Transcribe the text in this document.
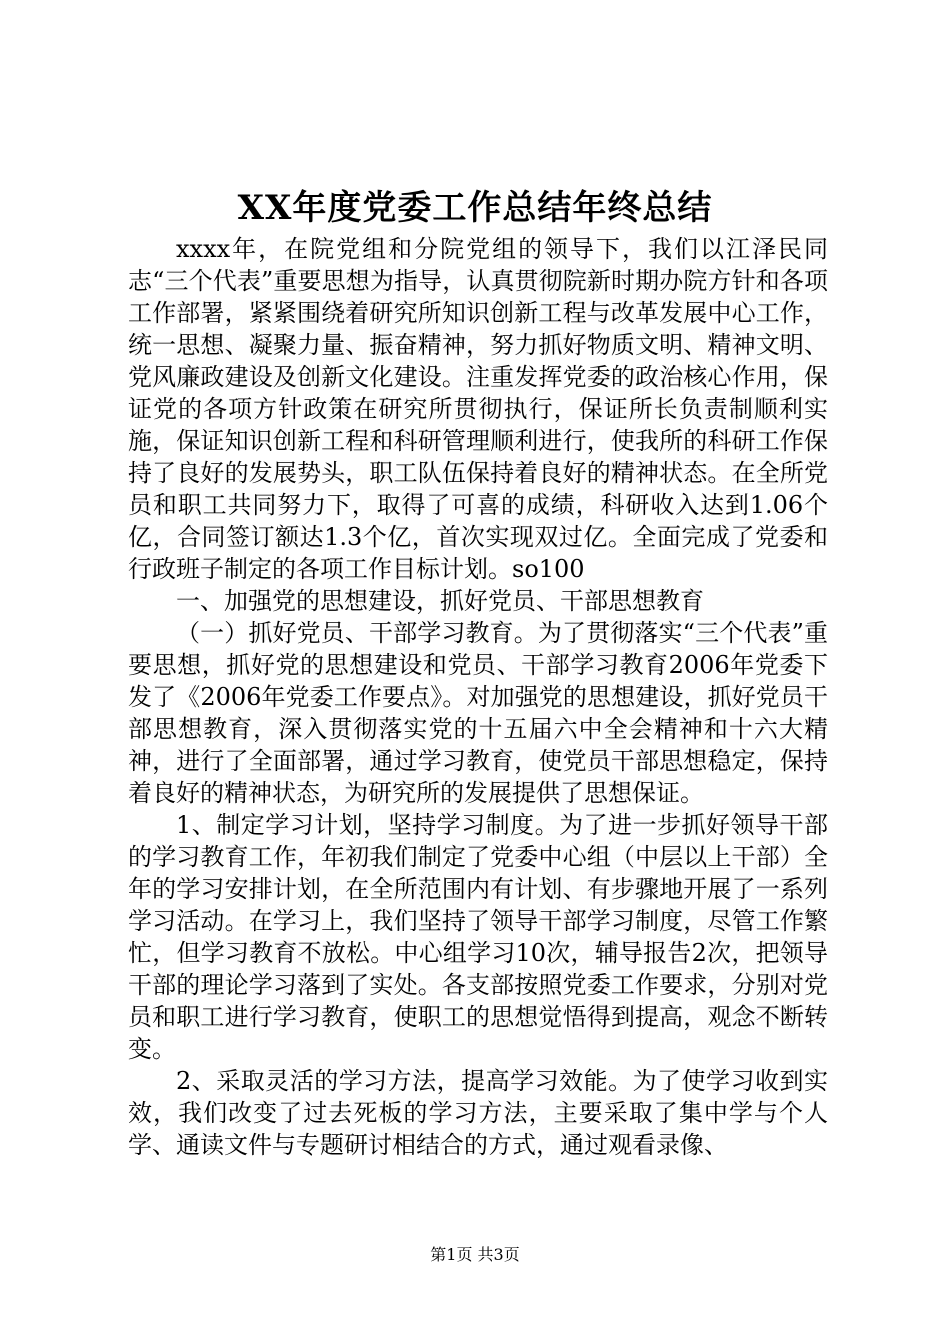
XX年度党委工作总结年终总结

xxxx年，在院党组和分院党组的领导下，我们以江泽民同志“三个代表”重要思想为指导，认真贯彻院新时期办院方针和各项工作部署，紧紧围绕着研究所知识创新工程与改革发展中心工作，统一思想、凝聚力量、振奋精神，努力抓好物质文明、精神文明、党风廉政建设及创新文化建设。注重发挥党委的政治核心作用，保证党的各项方针政策在研究所贯彻执行，保证所长负责制顺利实施，保证知识创新工程和科研管理顺利进行，使我所的科研工作保持了良好的发展势头，职工队伍保持着良好的精神状态。在全所党员和职工共同努力下，取得了可喜的成绩，科研收入达到1.06个亿，合同签订额达1.3个亿，首次实现双过亿。全面完成了党委和行政班子制定的各项工作目标计划。so100

一、加强党的思想建设，抓好党员、干部思想教育

（一）抓好党员、干部学习教育。为了贯彻落实“三个代表”重要思想，抓好党的思想建设和党员、干部学习教育2006年党委下发了《2006年党委工作要点》。对加强党的思想建设，抓好党员干部思想教育，深入贯彻落实党的十五届六中全会精神和十六大精神，进行了全面部署，通过学习教育，使党员干部思想稳定，保持着良好的精神状态，为研究所的发展提供了思想保证。

1、制定学习计划，坚持学习制度。为了进一步抓好领导干部的学习教育工作，年初我们制定了党委中心组（中层以上干部）全年的学习安排计划，在全所范围内有计划、有步骤地开展了一系列学习活动。在学习上，我们坚持了领导干部学习制度，尽管工作繁忙，但学习教育不放松。中心组学习10次，辅导报告2次，把领导干部的理论学习落到了实处。各支部按照党委工作要求，分别对党员和职工进行学习教育，使职工的思想觉悟得到提高，观念不断转变。

2、采取灵活的学习方法，提高学习效能。为了使学习收到实效，我们改变了过去死板的学习方法，主要采取了集中学与个人学、通读文件与专题研讨相结合的方式，通过观看录像、

第1页 共3页
